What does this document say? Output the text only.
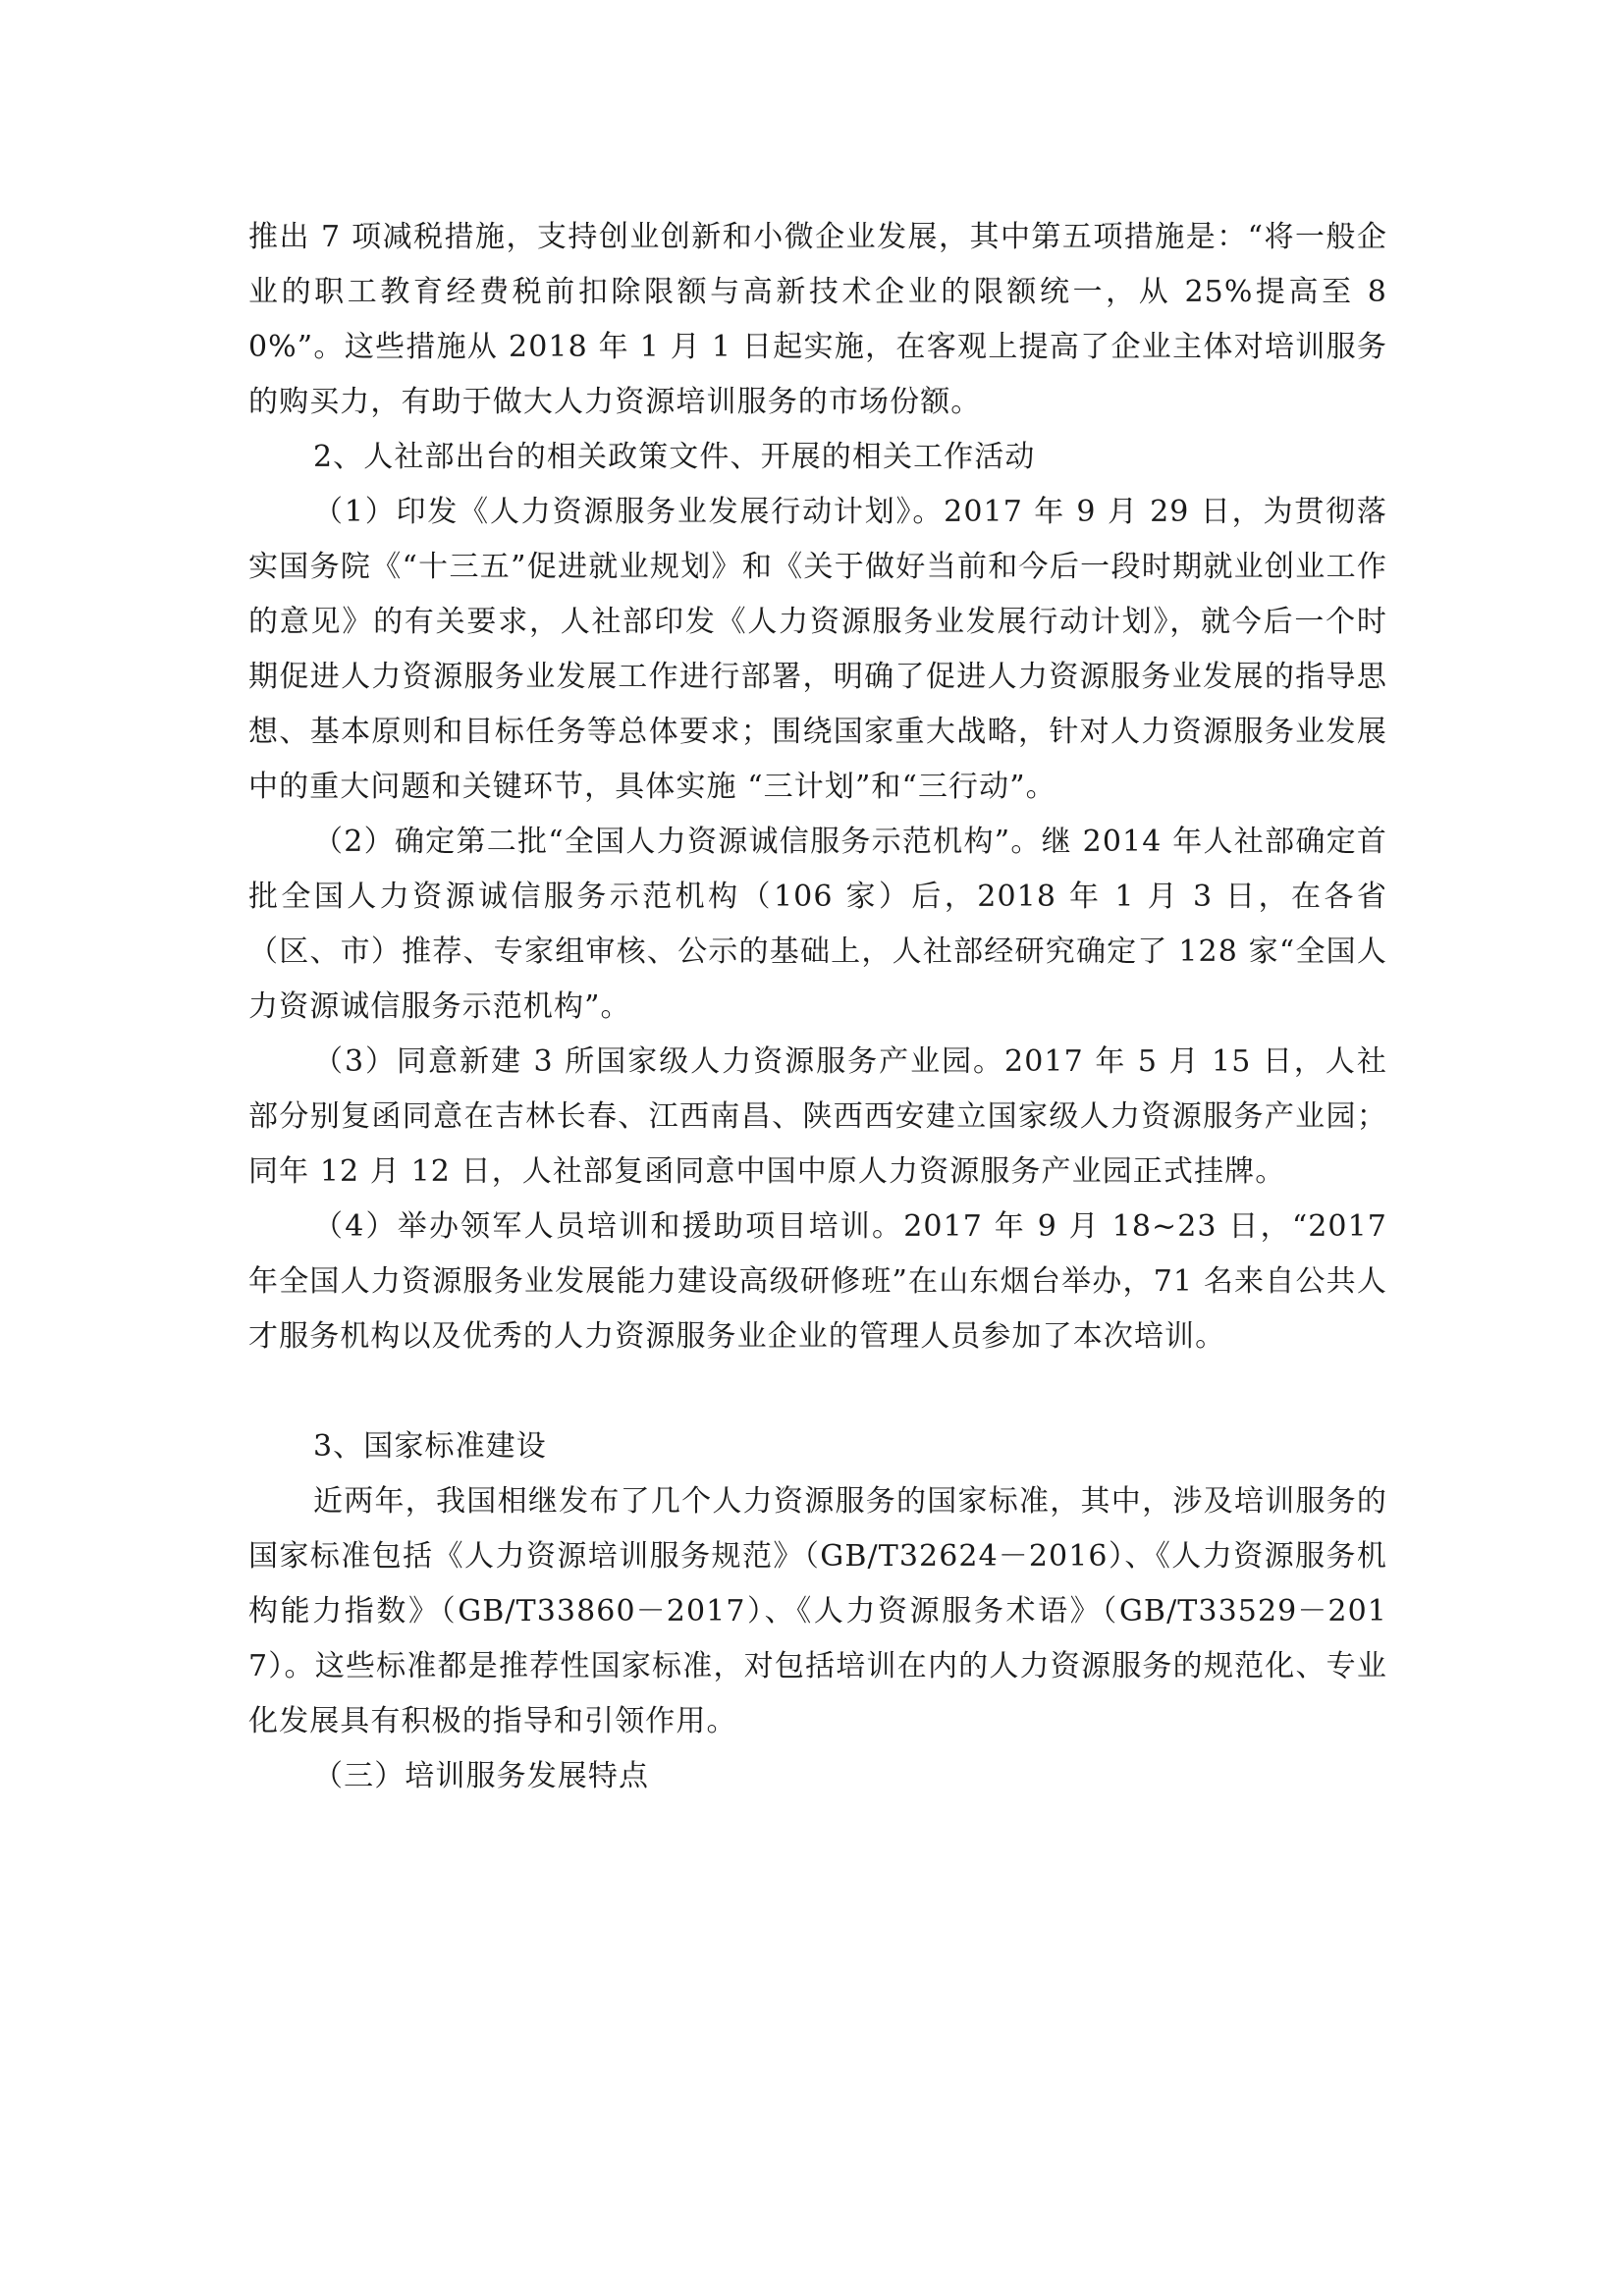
推出 7 项减税措施，支持创业创新和小微企业发展，其中第五项措施是：“将一般企业的职工教育经费税前扣除限额与高新技术企业的限额统一，从 25%提高至 80%”。这些措施从 2018 年 1 月 1 日起实施，在客观上提高了企业主体对培训服务的购买力，有助于做大人力资源培训服务的市场份额。

2、人社部出台的相关政策文件、开展的相关工作活动

（1）印发《人力资源服务业发展行动计划》。2017 年 9 月 29 日，为贯彻落实国务院《“十三五”促进就业规划》和《关于做好当前和今后一段时期就业创业工作的意见》的有关要求，人社部印发《人力资源服务业发展行动计划》，就今后一个时期促进人力资源服务业发展工作进行部署，明确了促进人力资源服务业发展的指导思想、基本原则和目标任务等总体要求；围绕国家重大战略，针对人力资源服务业发展中的重大问题和关键环节，具体实施 “三计划”和“三行动”。

（2）确定第二批“全国人力资源诚信服务示范机构”。继 2014 年人社部确定首批全国人力资源诚信服务示范机构（106 家）后，2018 年 1 月 3 日，在各省（区、市）推荐、专家组审核、公示的基础上，人社部经研究确定了 128 家“全国人力资源诚信服务示范机构”。

（3）同意新建 3 所国家级人力资源服务产业园。2017 年 5 月 15 日，人社部分别复函同意在吉林长春、江西南昌、陕西西安建立国家级人力资源服务产业园；同年 12 月 12 日，人社部复函同意中国中原人力资源服务产业园正式挂牌。

（4）举办领军人员培训和援助项目培训。2017 年 9 月 18~23 日，“2017 年全国人力资源服务业发展能力建设高级研修班”在山东烟台举办，71 名来自公共人才服务机构以及优秀的人力资源服务业企业的管理人员参加了本次培训。

3、国家标准建设

近两年，我国相继发布了几个人力资源服务的国家标准，其中，涉及培训服务的国家标准包括《人力资源培训服务规范》（GB/T32624－2016）、《人力资源服务机构能力指数》（GB/T33860－2017）、《人力资源服务术语》（GB/T33529－2017）。这些标准都是推荐性国家标准，对包括培训在内的人力资源服务的规范化、专业化发展具有积极的指导和引领作用。

（三）培训服务发展特点
